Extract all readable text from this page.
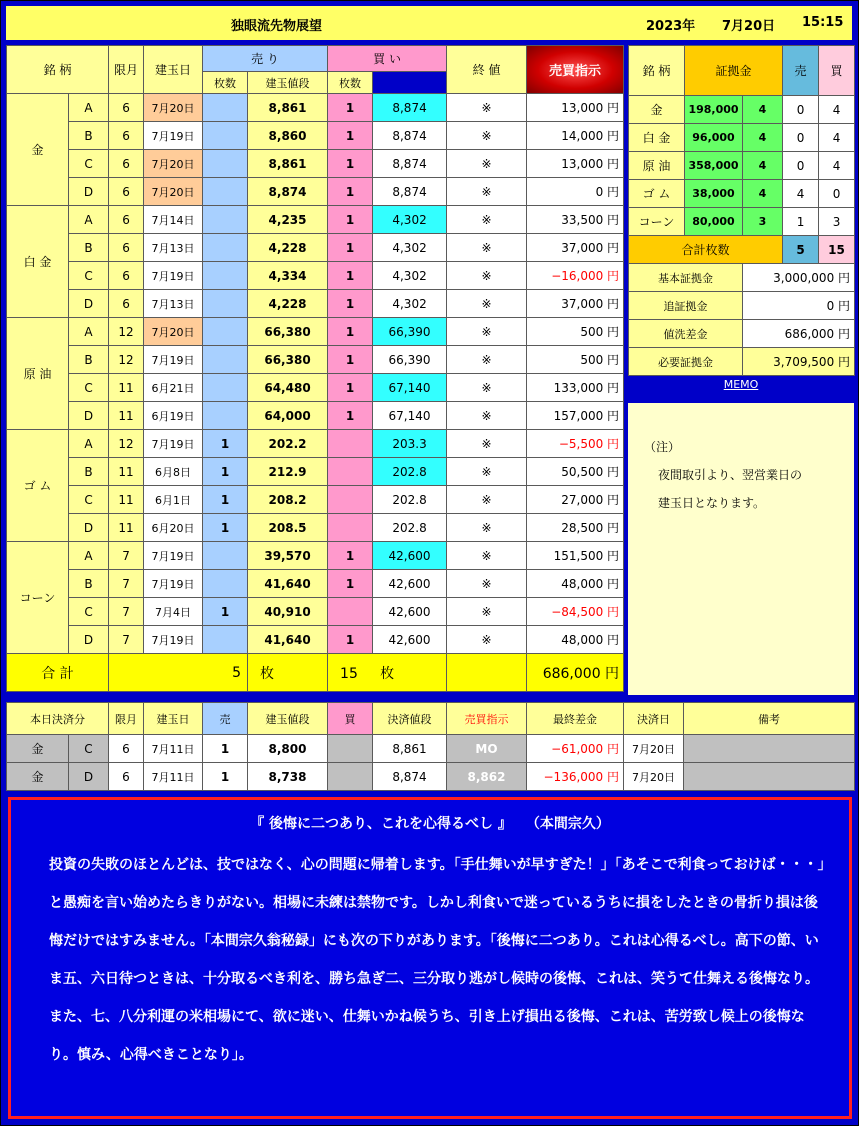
独眼流先物展望	2023年 7月20日 15:15
銘 柄		限月	建玉日	売 り		買 い		終 値	売買指示	
				枚数	建玉値段	枚数				
金	A	6	7月20日		8,861	1	8,874	※	13,000 円	
	B	6	7月19日		8,860	1	8,874	※	14,000 円	
	C	6	7月20日		8,861	1	8,874	※	13,000 円	
	D	6	7月20日		8,874	1	8,874	※	0 円	
白 金	A	6	7月14日		4,235	1	4,302	※	33,500 円	
	B	6	7月13日		4,228	1	4,302	※	37,000 円	
	C	6	7月19日		4,334	1	4,302	※	−16,000 円	
	D	6	7月13日		4,228	1	4,302	※	37,000 円	
原 油	A	12	7月20日		66,380	1	66,390	※	500 円	
	B	12	7月19日		66,380	1	66,390	※	500 円	
	C	11	6月21日		64,480	1	67,140	※	133,000 円	
	D	11	6月19日		64,000	1	67,140	※	157,000 円	
ゴ ム	A	12	7月19日	1	202.2		203.3	※	−5,500 円	
	B	11	6月8日	1	212.9		202.8	※	50,500 円	
	C	11	6月1日	1	208.2		202.8	※	27,000 円	
	D	11	6月20日	1	208.5		202.8	※	28,500 円	
コーン	A	7	7月19日		39,570	1	42,600	※	151,500 円	
	B	7	7月19日		41,640	1	42,600	※	48,000 円	
	C	7	7月4日	1	40,910		42,600	※	−84,500 円	
	D	7	7月19日		41,640	1	42,600	※	48,000 円	
合 計		5			枚	15 枚			686,000 円	
銘 柄	証拠金		売	買
金	198,000	4	0	4
白 金	96,000	4	0	4
原 油	358,000	4	0	4
ゴ ム	38,000	4	4	0
コーン	80,000	3	1	3
合計枚数			5	15
基本証拠金		3,000,000 円		
追証拠金		0 円		
値洗差金		686,000 円		
必要証拠金		3,709,500 円		
MEMO
（注）
夜間取引より、翌営業日の
建玉日となります。
本日決済分		限月	建玉日	売	建玉値段	買	決済値段	売買指示	最終差金	決済日	備考
金	C	6	7月11日	1	8,800		8,861	MO	−61,000 円	7月20日	
金	D	6	7月11日	1	8,738		8,874	8,862	−136,000 円	7月20日	
『 後悔に二つあり、これを心得るべし 』　　（本間宗久）
投資の失敗のほとんどは、技ではなく、心の問題に帰着します。「手仕舞いが早すぎた！」「あそこで利食っておけば・・・」と愚痴を言い始めたらきりがない。相場に未練は禁物です。しかし利食いで迷っているうちに損をしたときの骨折り損は後悔だけではすみません。「本間宗久翁秘録」にも次の下りがあります。「後悔に二つあり。これは心得るべし。高下の節、いま五、六日待つときは、十分取るべき利を、勝ち急ぎ二、三分取り逃がし候時の後悔、これは、笑うて仕舞える後悔なり。また、七、八分利運の米相場にて、欲に迷い、仕舞いかね候うち、引き上げ損出る後悔、これは、苦労致し候上の後悔なり。慎み、心得べきことなり」。
